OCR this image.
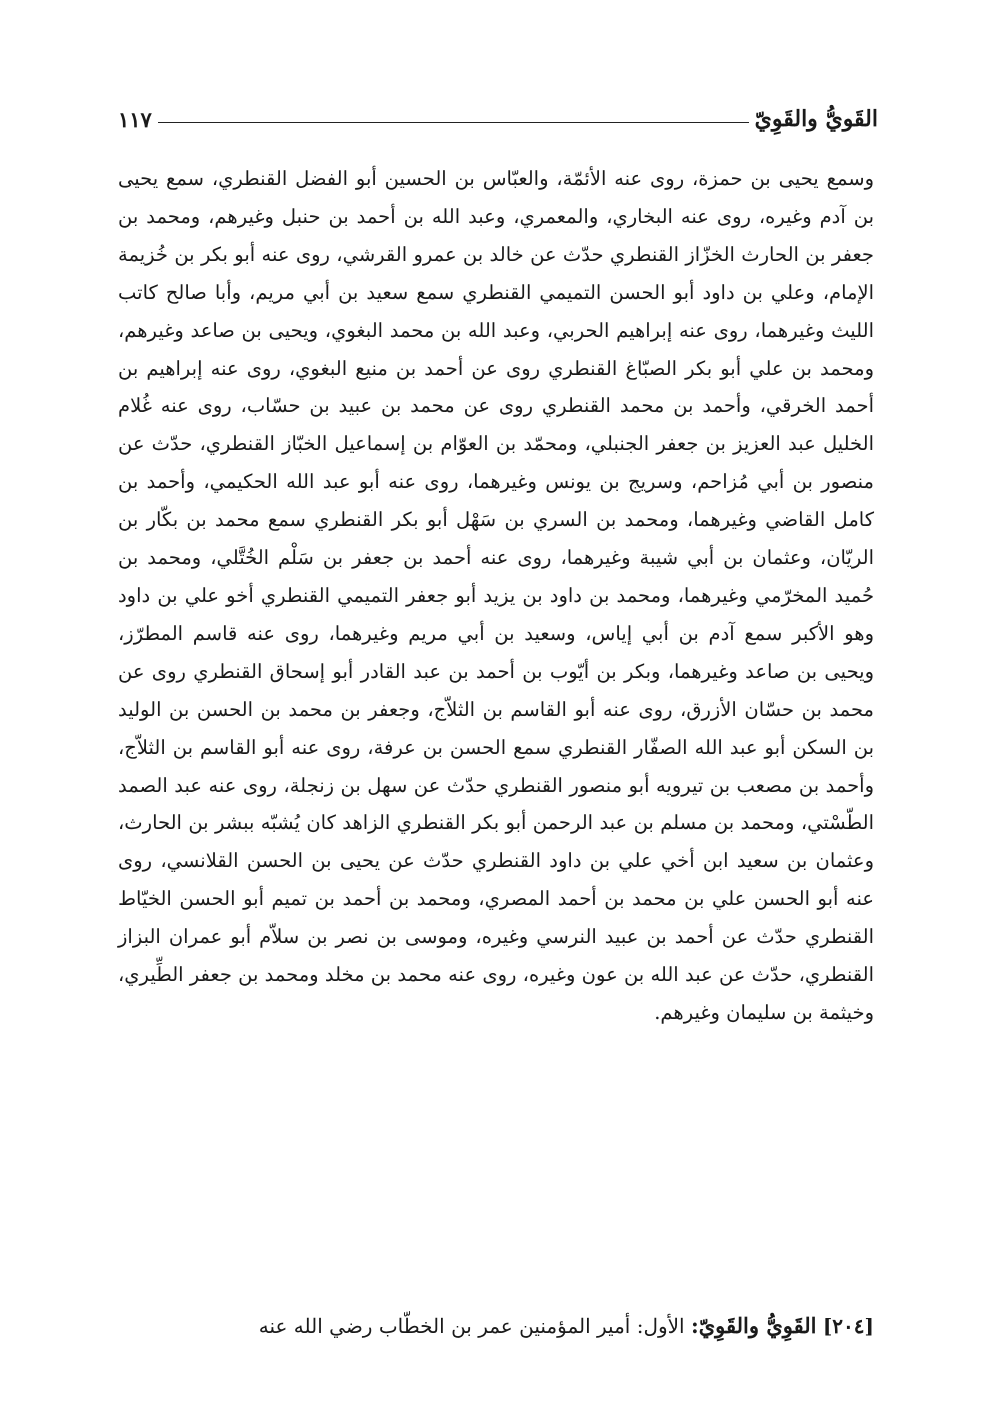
القَويُّ والقَوِيّ
١١٧

وسمع يحيى بن حمزة، روى عنه الأئمّة، والعبّاس بن الحسين أبو الفضل القنطري، سمع يحيى بن آدم وغيره، روى عنه البخاري، والمعمري، وعبد الله بن أحمد بن حنبل وغيرهم، ومحمد بن جعفر بن الحارث الخزّاز القنطري حدّث عن خالد بن عمرو القرشي، روى عنه أبو بكر بن خُزيمة الإمام، وعلي بن داود أبو الحسن التميمي القنطري سمع سعيد بن أبي مريم، وأبا صالح كاتب الليث وغيرهما، روى عنه إبراهيم الحربي، وعبد الله بن محمد البغوي، ويحيى بن صاعد وغيرهم، ومحمد بن علي أبو بكر الصبّاغ القنطري روى عن أحمد بن منيع البغوي، روى عنه إبراهيم بن أحمد الخرقي، وأحمد بن محمد القنطري روى عن محمد بن عبيد بن حسّاب، روى عنه غُلام الخليل عبد العزيز بن جعفر الجنبلي، ومحمّد بن العوّام بن إسماعيل الخبّاز القنطري، حدّث عن منصور بن أبي مُزاحم، وسريج بن يونس وغيرهما، روى عنه أبو عبد الله الحكيمي، وأحمد بن كامل القاضي وغيرهما، ومحمد بن السري بن سَهْل أبو بكر القنطري سمع محمد بن بكّار بن الريّان، وعثمان بن أبي شيبة وغيرهما، روى عنه أحمد بن جعفر بن سَلْم الخُتَّلي، ومحمد بن حُميد المخرّمي وغيرهما، ومحمد بن داود بن يزيد أبو جعفر التميمي القنطري أخو علي بن داود وهو الأكبر سمع آدم بن أبي إياس، وسعيد بن أبي مريم وغيرهما، روى عنه قاسم المطرّز، ويحيى بن صاعد وغيرهما، وبكر بن أيّوب بن أحمد بن عبد القادر أبو إسحاق القنطري روى عن محمد بن حسّان الأزرق، روى عنه أبو القاسم بن الثلاّج، وجعفر بن محمد بن الحسن بن الوليد بن السكن أبو عبد الله الصفّار القنطري سمع الحسن بن عرفة، روى عنه أبو القاسم بن الثلاّج، وأحمد بن مصعب بن تيرويه أبو منصور القنطري حدّث عن سهل بن زنجلة، روى عنه عبد الصمد الطّسْتي، ومحمد بن مسلم بن عبد الرحمن أبو بكر القنطري الزاهد كان يُشبّه ببشر بن الحارث، وعثمان بن سعيد ابن أخي علي بن داود القنطري حدّث عن يحيى بن الحسن القلانسي، روى عنه أبو الحسن علي بن محمد بن أحمد المصري، ومحمد بن أحمد بن تميم أبو الحسن الخيّاط القنطري حدّث عن أحمد بن عبيد النرسي وغيره، وموسى بن نصر بن سلاّم أبو عمران البزاز القنطري، حدّث عن عبد الله بن عون وغيره، روى عنه محمد بن مخلد ومحمد بن جعفر الطِّيري، وخيثمة بن سليمان وغيرهم.

[٢٠٤] القَوِيُّ والقَوِيّ: الأول: أمير المؤمنين عمر بن الخطّاب رضي الله عنه
